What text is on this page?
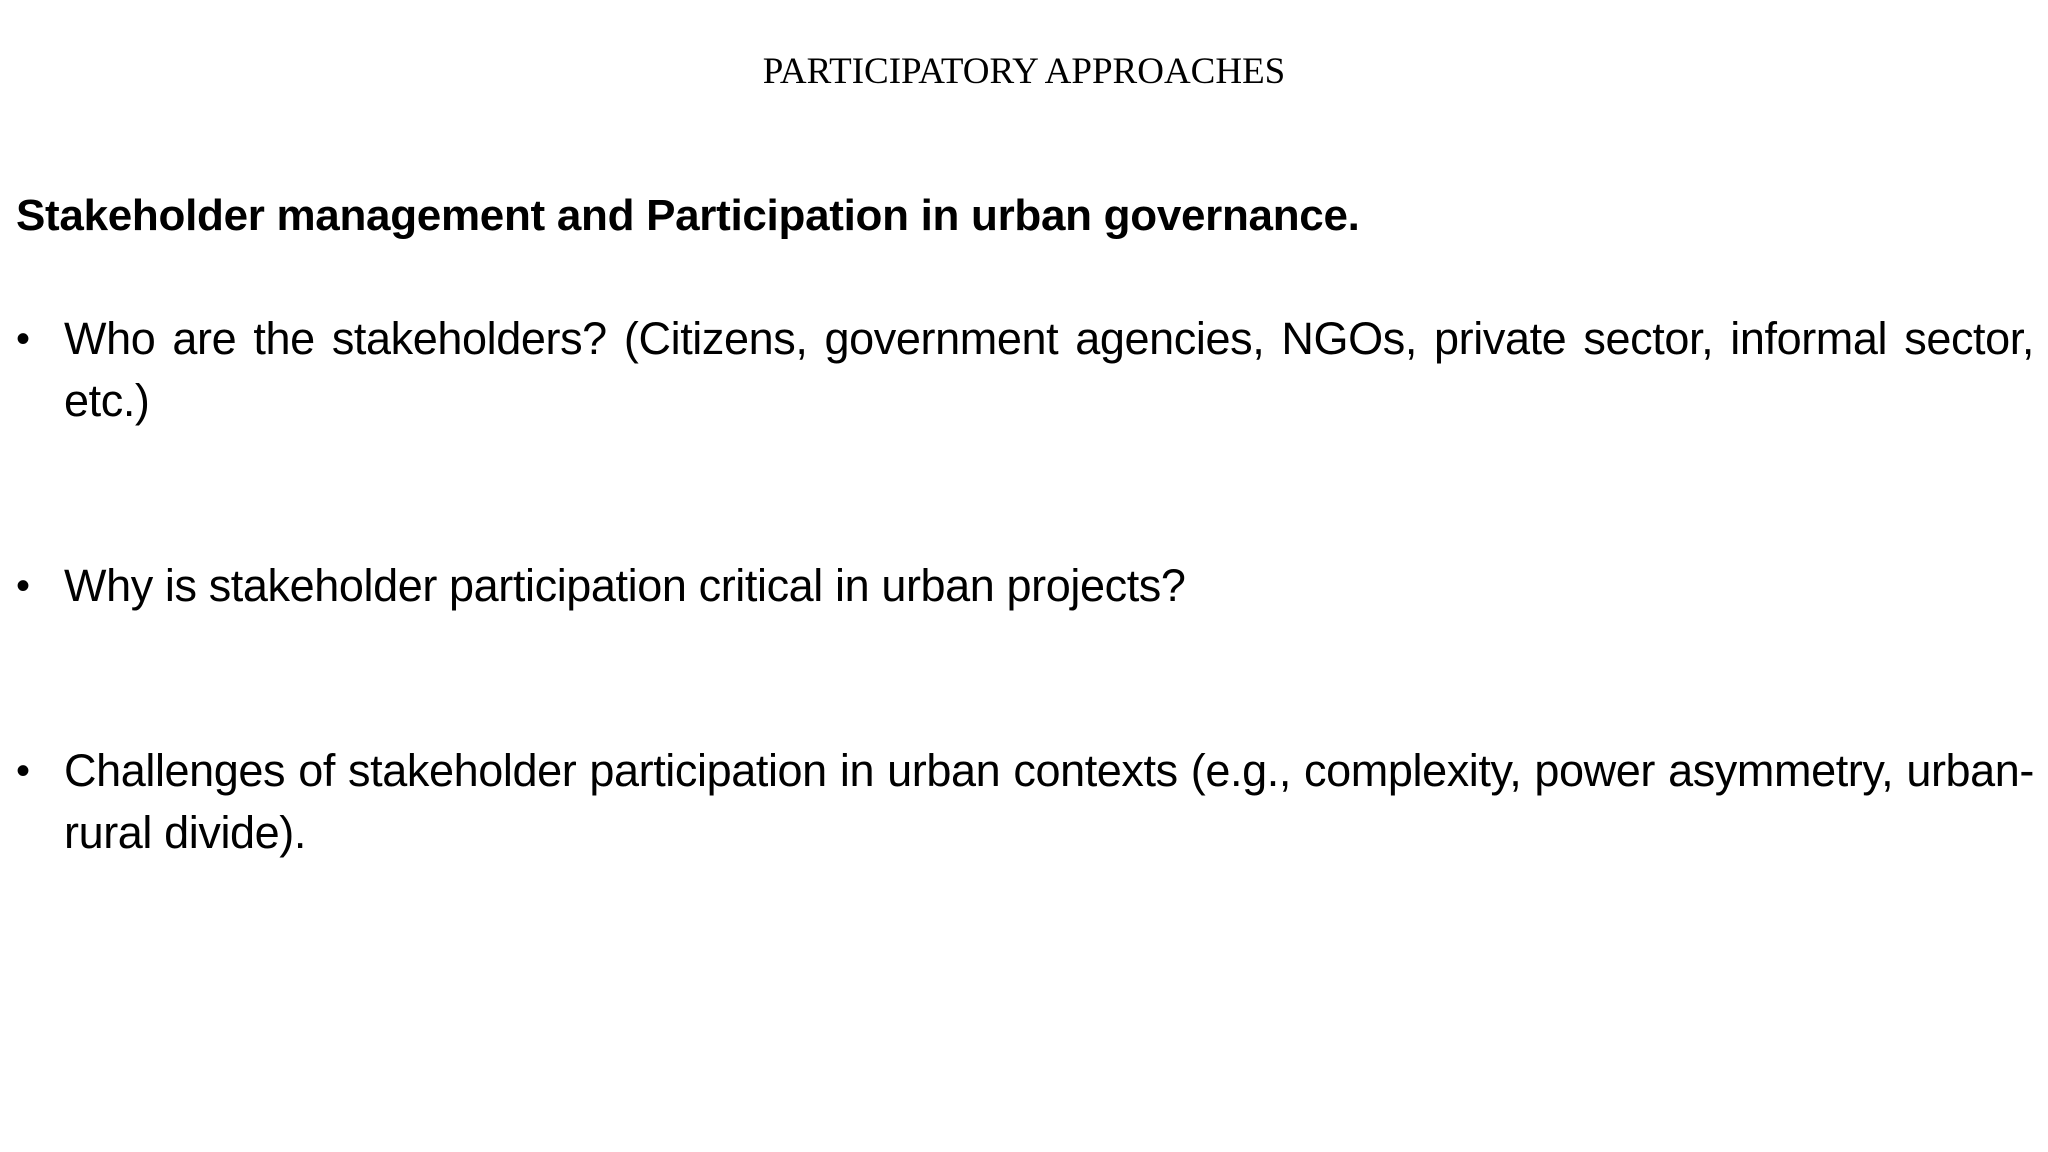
PARTICIPATORY APPROACHES
Stakeholder management and Participation in urban governance.
• Who are the stakeholders? (Citizens, government agencies, NGOs, private sector, informal sector, etc.)
• Why is stakeholder participation critical in urban projects?
• Challenges of stakeholder participation in urban contexts (e.g., complexity, power asymmetry, urban-rural divide).
